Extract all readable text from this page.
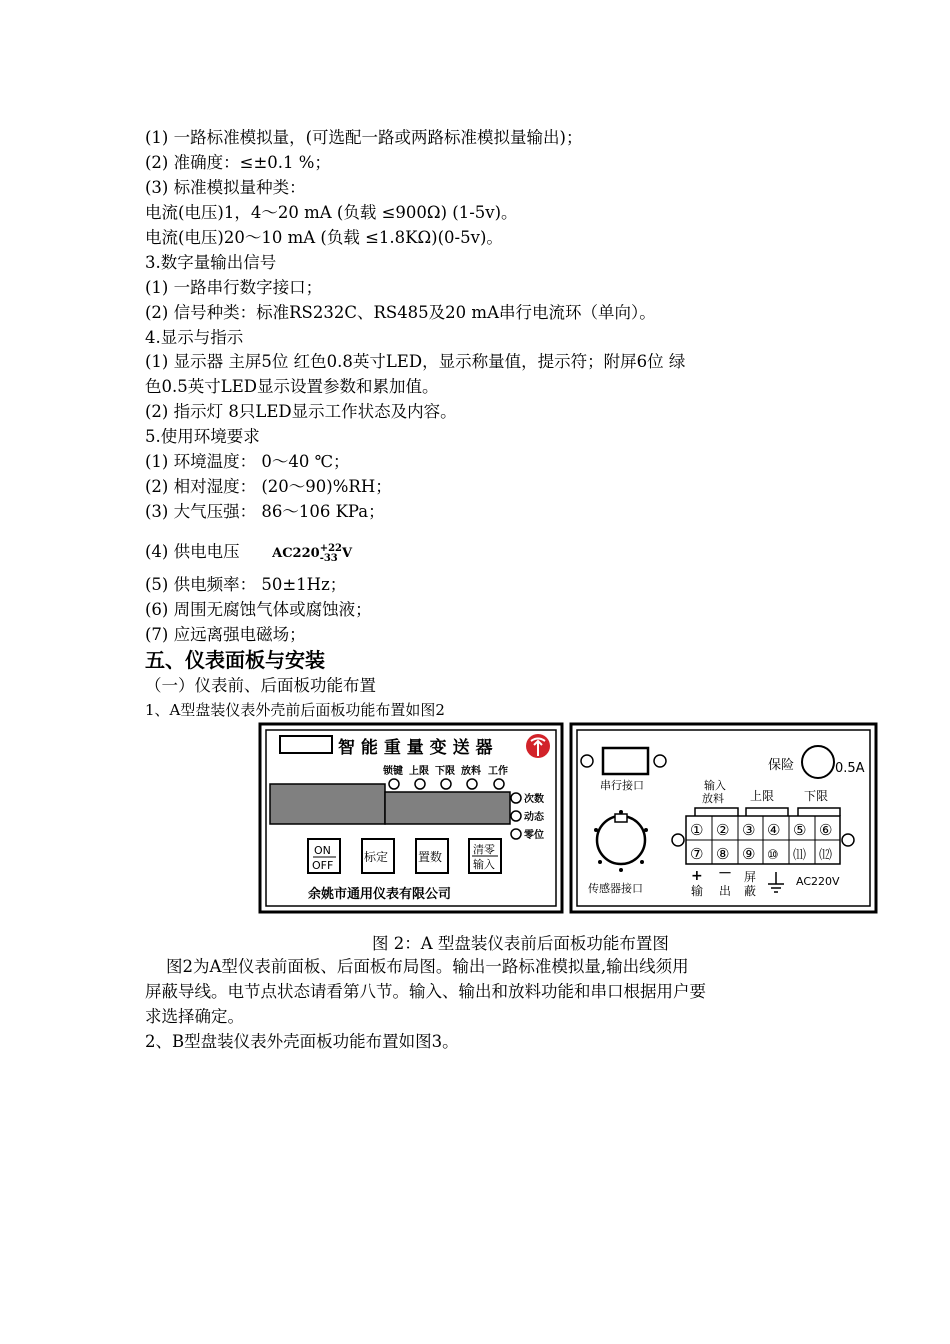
(1) 一路标准模拟量，(可选配一路或两路标准模拟量输出)；
(2) 准确度：≤±0.1 %；
(3) 标准模拟量种类：
电流(电压)1，4～20 mA (负载 ≤900Ω) (1-5v)。
电流(电压)20～10 mA (负载 ≤1.8KΩ)(0-5v)。
3.数字量输出信号
(1) 一路串行数字接口；
(2) 信号种类：标准RS232C、RS485及20 mA串行电流环（单向）。
4.显示与指示
(1) 显示器 主屏5位 红色0.8英寸LED，显示称量值，提示符；附屏6位 绿
色0.5英寸LED显示设置参数和累加值。
(2) 指示灯 8只LED显示工作状态及内容。
5.使用环境要求
(1) 环境温度： 0～40 ℃；
(2) 相对湿度： (20～90)%RH；
(3) 大气压强： 86～106 KPa；
(4) 供电电压	AC220+22
-33 V
(5) 供电频率： 50±1Hz；
(6) 周围无腐蚀气体或腐蚀液；
(7) 应远离强电磁场；
五、仪表面板与安装
（一）仪表前、后面板功能布置
1、A型盘装仪表外壳前后面板功能布置如图2
智 能 重 量 变 送 器
锁键 上限 下限 放料 工作
次数
动态
零位
ON
OFF
标定 置数
清零
输入
余姚市通用仪表有限公司
串行接口
保险	0.5A
传感器接口
输入
放料 上限 下限
① ② ③ ④ ⑤ ⑥
⑦ ⑧ ⑨ ⑩ ⑾ ⑿
+
输
－
出
屏
蔽
AC220V
图 2：A 型盘装仪表前后面板功能布置图
图2为A型仪表前面板、后面板布局图。输出一路标准模拟量,输出线须用
屏蔽导线。电节点状态请看第八节。输入、输出和放料功能和串口根据用户要
求选择确定。
2、B型盘装仪表外壳面板功能布置如图3。
